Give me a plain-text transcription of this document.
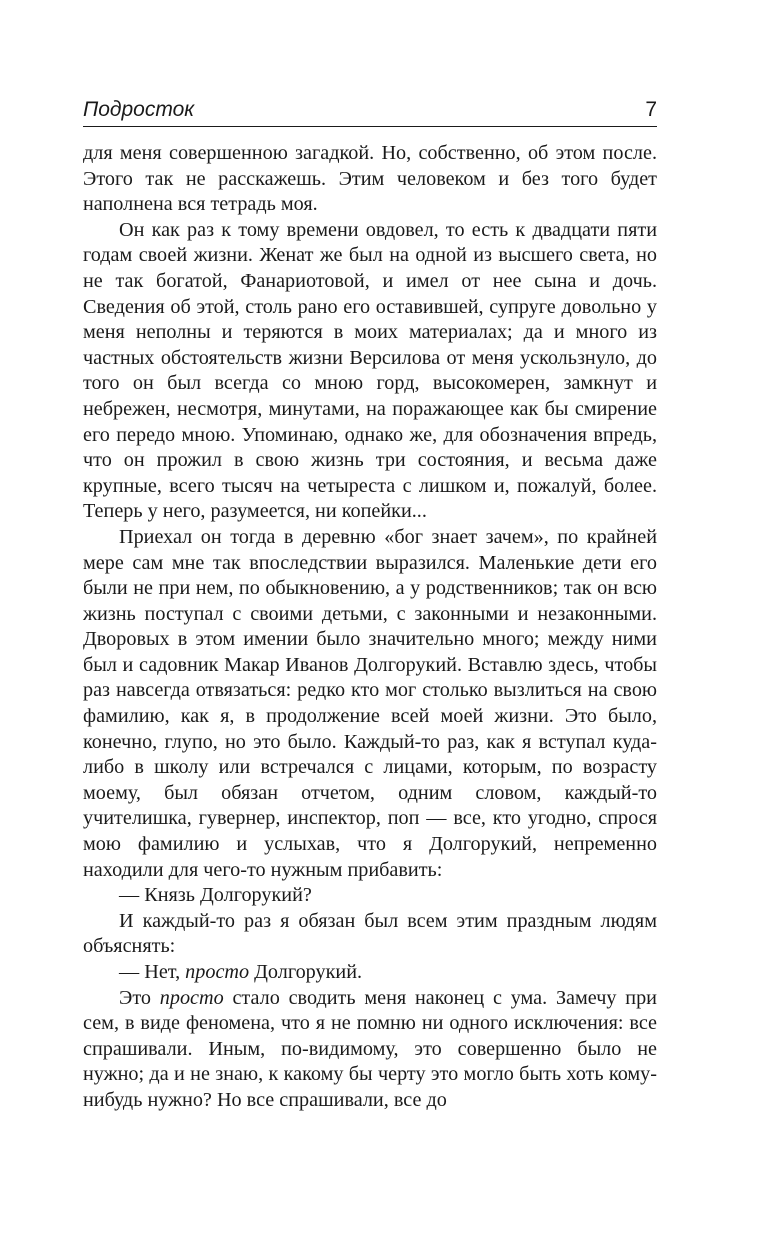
Подросток	7

для меня совершенною загадкой. Но, собственно, об этом после. Этого так не расскажешь. Этим человеком и без того будет наполнена вся тетрадь моя.

Он как раз к тому времени овдовел, то есть к двадцати пяти годам своей жизни. Женат же был на одной из высшего света, но не так богатой, Фанариотовой, и имел от нее сына и дочь. Сведения об этой, столь рано его оставившей, супруге довольно у меня неполны и теряются в моих материалах; да и много из частных обстоятельств жизни Версилова от меня ускользнуло, до того он был всегда со мною горд, высокомерен, замкнут и небрежен, несмотря, минутами, на поражающее как бы смирение его передо мною. Упоминаю, однако же, для обозначения впредь, что он прожил в свою жизнь три состояния, и весьма даже крупные, всего тысяч на четыреста с лишком и, пожалуй, более. Теперь у него, разумеется, ни копейки...

Приехал он тогда в деревню «бог знает зачем», по крайней мере сам мне так впоследствии выразился. Маленькие дети его были не при нем, по обыкновению, а у родственников; так он всю жизнь поступал с своими детьми, с законными и незаконными. Дворовых в этом имении было значительно много; между ними был и садовник Макар Иванов Долгорукий. Вставлю здесь, чтобы раз навсегда отвязаться: редко кто мог столько вызлиться на свою фамилию, как я, в продолжение всей моей жизни. Это было, конечно, глупо, но это было. Каждый-то раз, как я вступал куда-либо в школу или встречался с лицами, которым, по возрасту моему, был обязан отчетом, одним словом, каждый-то учителишка, гувернер, инспектор, поп — все, кто угодно, спрося мою фамилию и услыхав, что я Долгорукий, непременно находили для чего-то нужным прибавить:

— Князь Долгорукий?

И каждый-то раз я обязан был всем этим праздным людям объяснять:

— Нет, просто Долгорукий.

Это просто стало сводить меня наконец с ума. Замечу при сем, в виде феномена, что я не помню ни одного исключения: все спрашивали. Иным, по-видимому, это совершенно было не нужно; да и не знаю, к какому бы черту это могло быть хоть кому-нибудь нужно? Но все спрашивали, все до
